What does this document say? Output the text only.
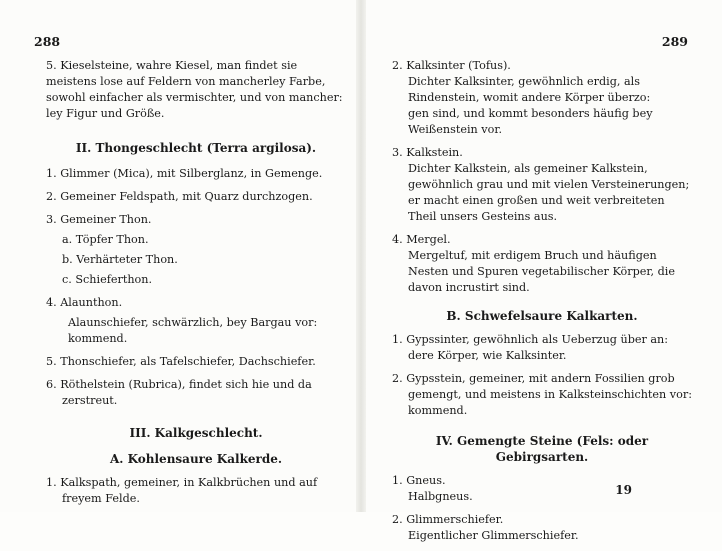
288
5. Kieselsteine, wahre Kiesel, man findet sie
meistens lose auf Feldern von mancherley Farbe,
sowohl einfacher als vermischter, und von mancher:
ley Figur und Größe.
II. Thongeschlecht (Terra argilosa).
1. Glimmer (Mica), mit Silberglanz, in Gemenge.
2. Gemeiner Feldspath, mit Quarz durchzogen.
3. Gemeiner Thon.
a. Töpfer Thon.
b. Verhärteter Thon.
c. Schieferthon.
4. Alaunthon.
Alaunschiefer, schwärzlich, bey Bargau vor:
kommend.
5. Thonschiefer, als Tafelschiefer, Dachschiefer.
6. Röthelstein (Rubrica), findet sich hie und da
zerstreut.
III. Kalkgeschlecht.
A. Kohlensaure Kalkerde.
1. Kalkspath, gemeiner, in Kalkbrüchen und auf
freyem Felde.
289
2. Kalksinter (Tofus).
Dichter Kalksinter, gewöhnlich erdig, als
Rindenstein, womit andere Körper überzo:
gen sind, und kommt besonders häufig bey
Weißenstein vor.
3. Kalkstein.
Dichter Kalkstein, als gemeiner Kalkstein,
gewöhnlich grau und mit vielen Versteinerungen;
er macht einen großen und weit verbreiteten
Theil unsers Gesteins aus.
4. Mergel.
Mergeltuf, mit erdigem Bruch und häufigen
Nesten und Spuren vegetabilischer Körper, die
davon incrustirt sind.
B. Schwefelsaure Kalkarten.
1. Gypssinter, gewöhnlich als Ueberzug über an:
dere Körper, wie Kalksinter.
2. Gypsstein, gemeiner, mit andern Fossilien grob
gemengt, und meistens in Kalksteinschichten vor:
kommend.
IV. Gemengte Steine (Fels: oder
Gebirgsarten.
1. Gneus.
Halbgneus.
2. Glimmerschiefer.
Eigentlicher Glimmerschiefer.
19
